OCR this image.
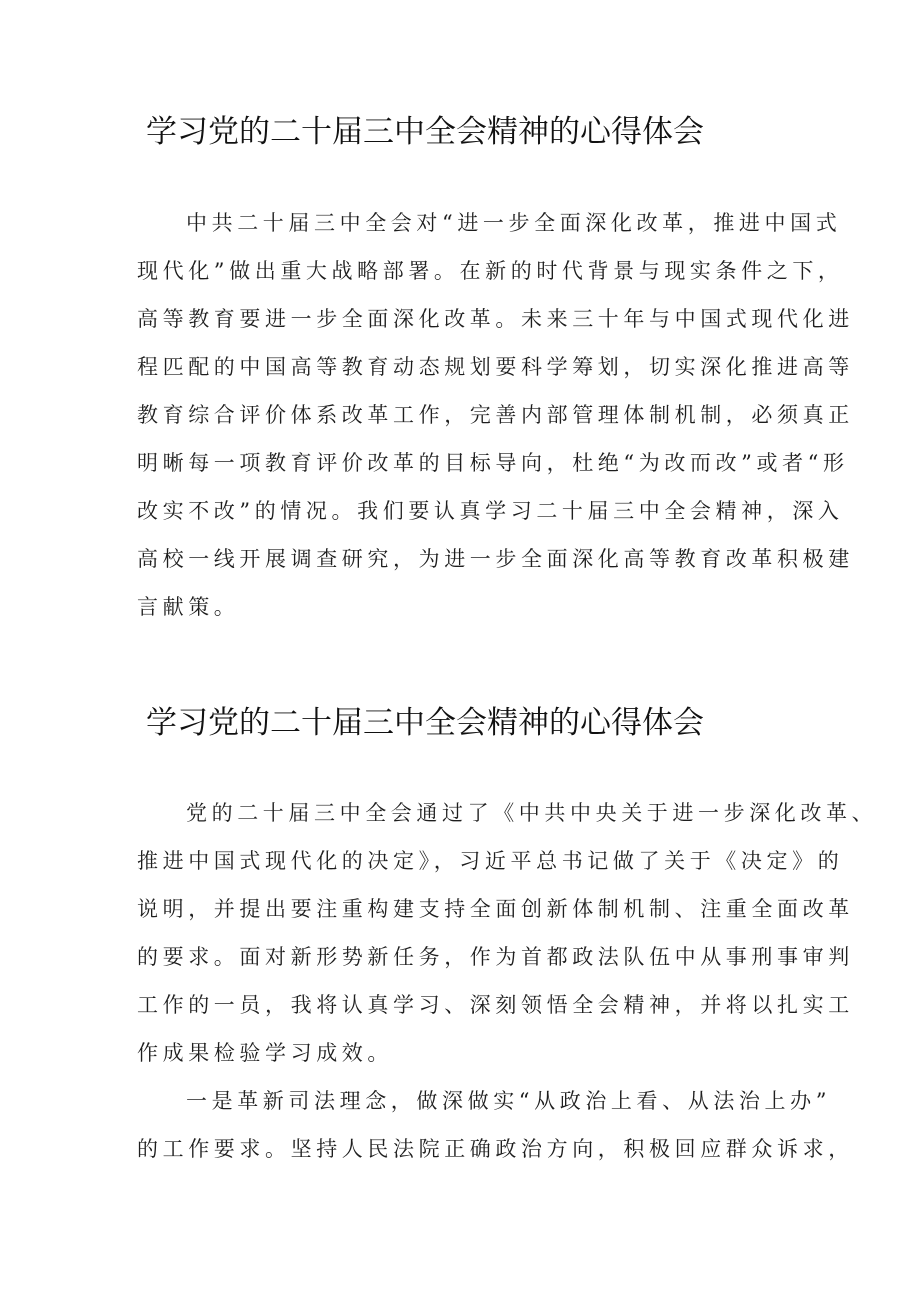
学习党的二十届三中全会精神的心得体会

中共二十届三中全会对“进一步全面深化改革，推进中国式

现代化”做出重大战略部署。在新的时代背景与现实条件之下，

高等教育要进一步全面深化改革。未来三十年与中国式现代化进

程匹配的中国高等教育动态规划要科学筹划，切实深化推进高等

教育综合评价体系改革工作，完善内部管理体制机制，必须真正

明晰每一项教育评价改革的目标导向，杜绝“为改而改”或者“形

改实不改”的情况。我们要认真学习二十届三中全会精神，深入

高校一线开展调查研究，为进一步全面深化高等教育改革积极建

言献策。

学习党的二十届三中全会精神的心得体会

党的二十届三中全会通过了《中共中央关于进一步深化改革、

推进中国式现代化的决定》，习近平总书记做了关于《决定》的

说明，并提出要注重构建支持全面创新体制机制、注重全面改革

的要求。面对新形势新任务，作为首都政法队伍中从事刑事审判

工作的一员，我将认真学习、深刻领悟全会精神，并将以扎实工

作成果检验学习成效。

一是革新司法理念，做深做实“从政治上看、从法治上办”

的工作要求。坚持人民法院正确政治方向，积极回应群众诉求，
